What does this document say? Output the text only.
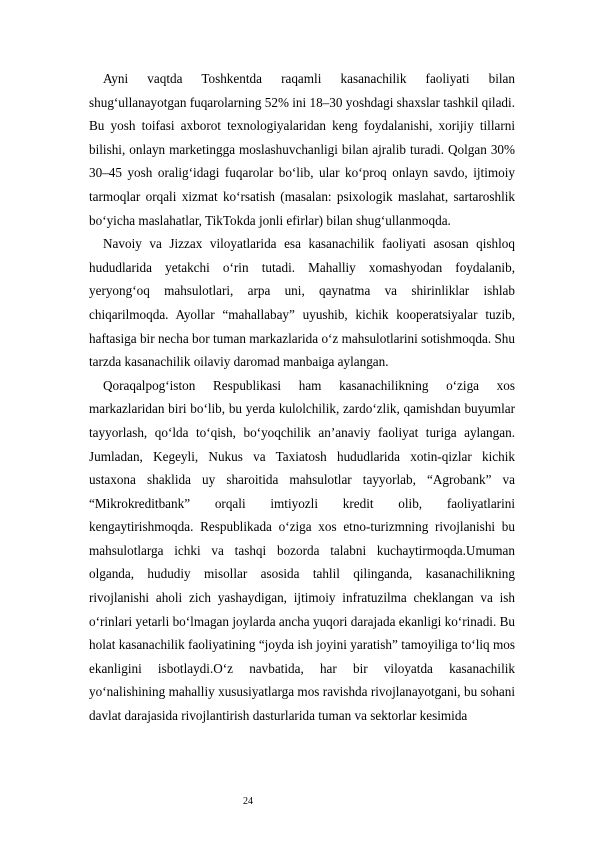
Ayni vaqtda Toshkentda raqamli kasanachilik faoliyati bilan shug‘ullanayotgan fuqarolarning 52% ini 18–30 yoshdagi shaxslar tashkil qiladi. Bu yosh toifasi axborot texnologiyalaridan keng foydalanishi, xorijiy tillarni bilishi, onlayn marketingga moslashuvchanligi bilan ajralib turadi. Qolgan 30% 30–45 yosh oralig‘idagi fuqarolar bo‘lib, ular ko‘proq onlayn savdo, ijtimoiy tarmoqlar orqali xizmat ko‘rsatish (masalan: psixologik maslahat, sartaroshlik bo‘yicha maslahatlar, TikTokda jonli efirlar) bilan shug‘ullanmoqda.

Navoiy va Jizzax viloyatlarida esa kasanachilik faoliyati asosan qishloq hududlarida yetakchi o‘rin tutadi. Mahalliy xomashyodan foydalanib, yeryong‘oq mahsulotlari, arpa uni, qaynatma va shirinliklar ishlab chiqarilmoqda. Ayollar “mahallabay” uyushib, kichik kooperatsiyalar tuzib, haftasiga bir necha bor tuman markazlarida o‘z mahsulotlarini sotishmoqda. Shu tarzda kasanachilik oilaviy daromad manbaiga aylangan.

Qoraqalpog‘iston Respublikasi ham kasanachilikning o‘ziga xos markazlaridan biri bo‘lib, bu yerda kulolchilik, zardo‘zlik, qamishdan buyumlar tayyorlash, qo‘lda to‘qish, bo‘yoqchilik an’anaviy faoliyat turiga aylangan. Jumladan, Kegeyli, Nukus va Taxiatosh hududlarida xotin-qizlar kichik ustaxona shaklida uy sharoitida mahsulotlar tayyorlab, “Agrobank” va “Mikrokreditbank” orqali imtiyozli kredit olib, faoliyatlarini kengaytirishmoqda. Respublikada o‘ziga xos etno-turizmning rivojlanishi bu mahsulotlarga ichki va tashqi bozorda talabni kuchaytirmoqda.Umuman olganda, hududiy misollar asosida tahlil qilinganda, kasanachilikning rivojlanishi aholi zich yashaydigan, ijtimoiy infratuzilma cheklangan va ish o‘rinlari yetarli bo‘lmagan joylarda ancha yuqori darajada ekanligi ko‘rinadi. Bu holat kasanachilik faoliyatining “joyda ish joyini yaratish” tamoyiliga to‘liq mos ekanligini isbotlaydi.O‘z navbatida, har bir viloyatda kasanachilik yo‘nalishining mahalliy xususiyatlarga mos ravishda rivojlanayotgani, bu sohani davlat darajasida rivojlantirish dasturlarida tuman va sektorlar kesimida

24
